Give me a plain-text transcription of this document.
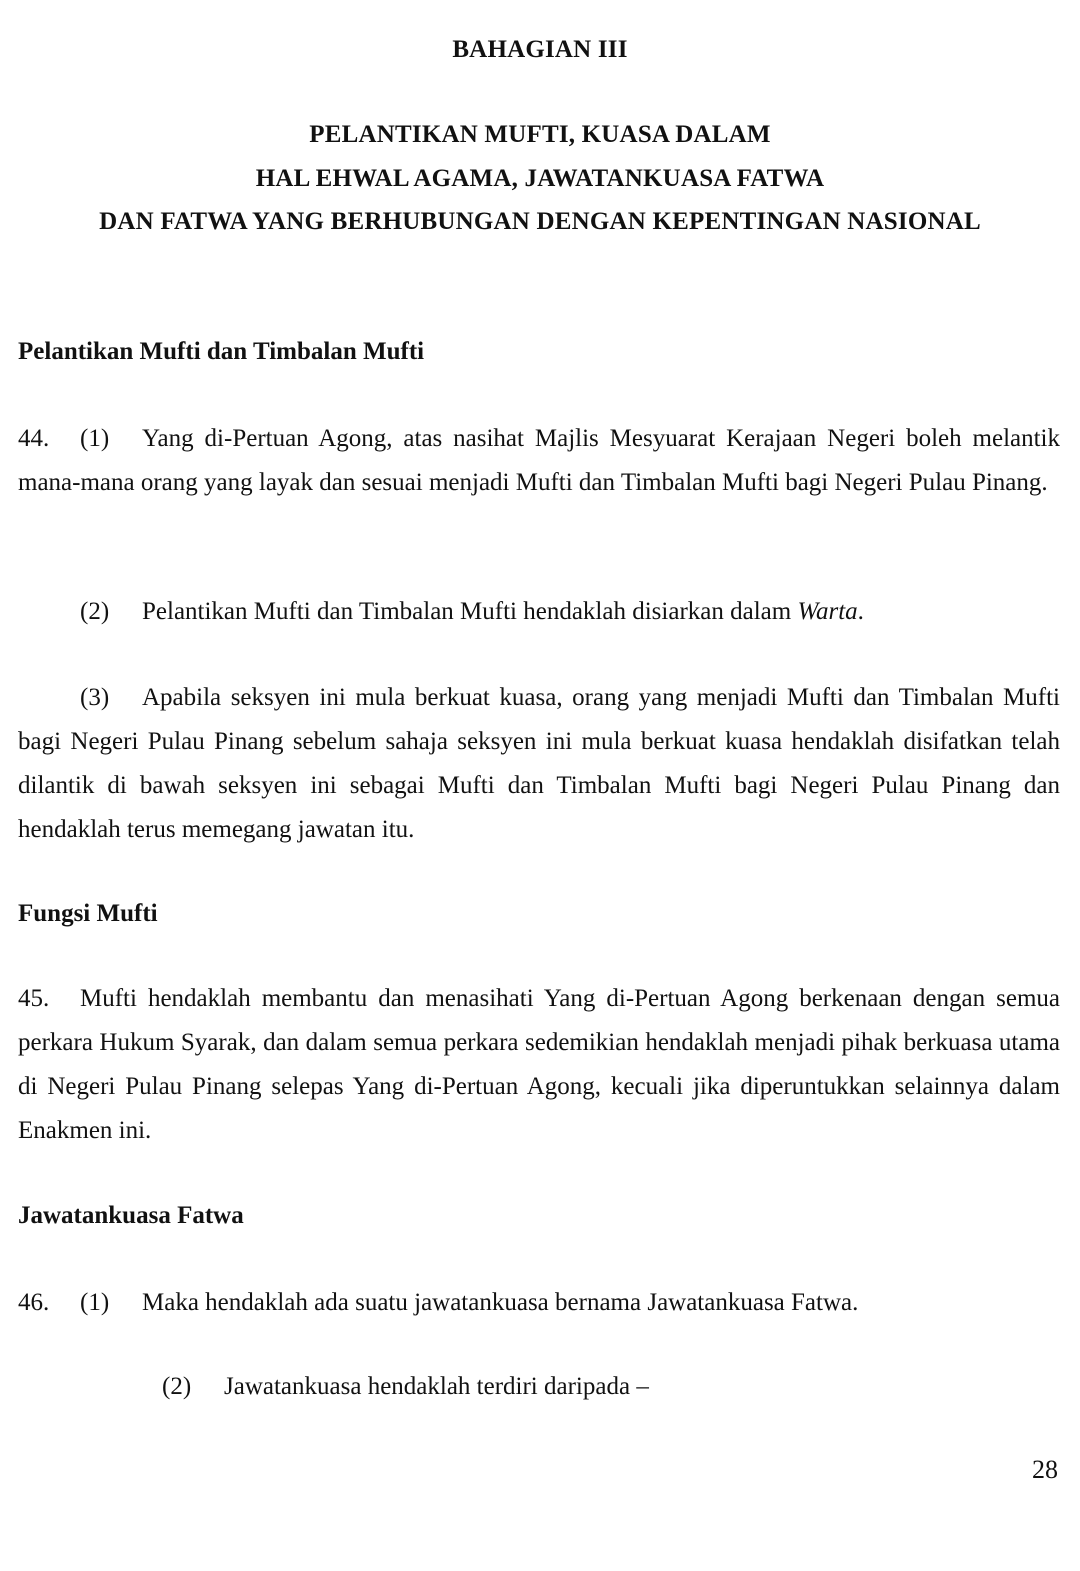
BAHAGIAN III
PELANTIKAN MUFTI, KUASA DALAM
HAL EHWAL AGAMA, JAWATANKUASA FATWA
DAN FATWA YANG BERHUBUNGAN DENGAN KEPENTINGAN NASIONAL
Pelantikan Mufti dan Timbalan Mufti
44. (1) Yang di-Pertuan Agong, atas nasihat Majlis Mesyuarat Kerajaan Negeri boleh melantik mana-mana orang yang layak dan sesuai menjadi Mufti dan Timbalan Mufti bagi Negeri Pulau Pinang.
(2) Pelantikan Mufti dan Timbalan Mufti hendaklah disiarkan dalam Warta.
(3) Apabila seksyen ini mula berkuat kuasa, orang yang menjadi Mufti dan Timbalan Mufti bagi Negeri Pulau Pinang sebelum sahaja seksyen ini mula berkuat kuasa hendaklah disifatkan telah dilantik di bawah seksyen ini sebagai Mufti dan Timbalan Mufti bagi Negeri Pulau Pinang dan hendaklah terus memegang jawatan itu.
Fungsi Mufti
45. Mufti hendaklah membantu dan menasihati Yang di-Pertuan Agong berkenaan dengan semua perkara Hukum Syarak, dan dalam semua perkara sedemikian hendaklah menjadi pihak berkuasa utama di Negeri Pulau Pinang selepas Yang di-Pertuan Agong, kecuali jika diperuntukkan selainnya dalam Enakmen ini.
Jawatankuasa Fatwa
46. (1) Maka hendaklah ada suatu jawatankuasa bernama Jawatankuasa Fatwa.
(2) Jawatankuasa hendaklah terdiri daripada –
28
